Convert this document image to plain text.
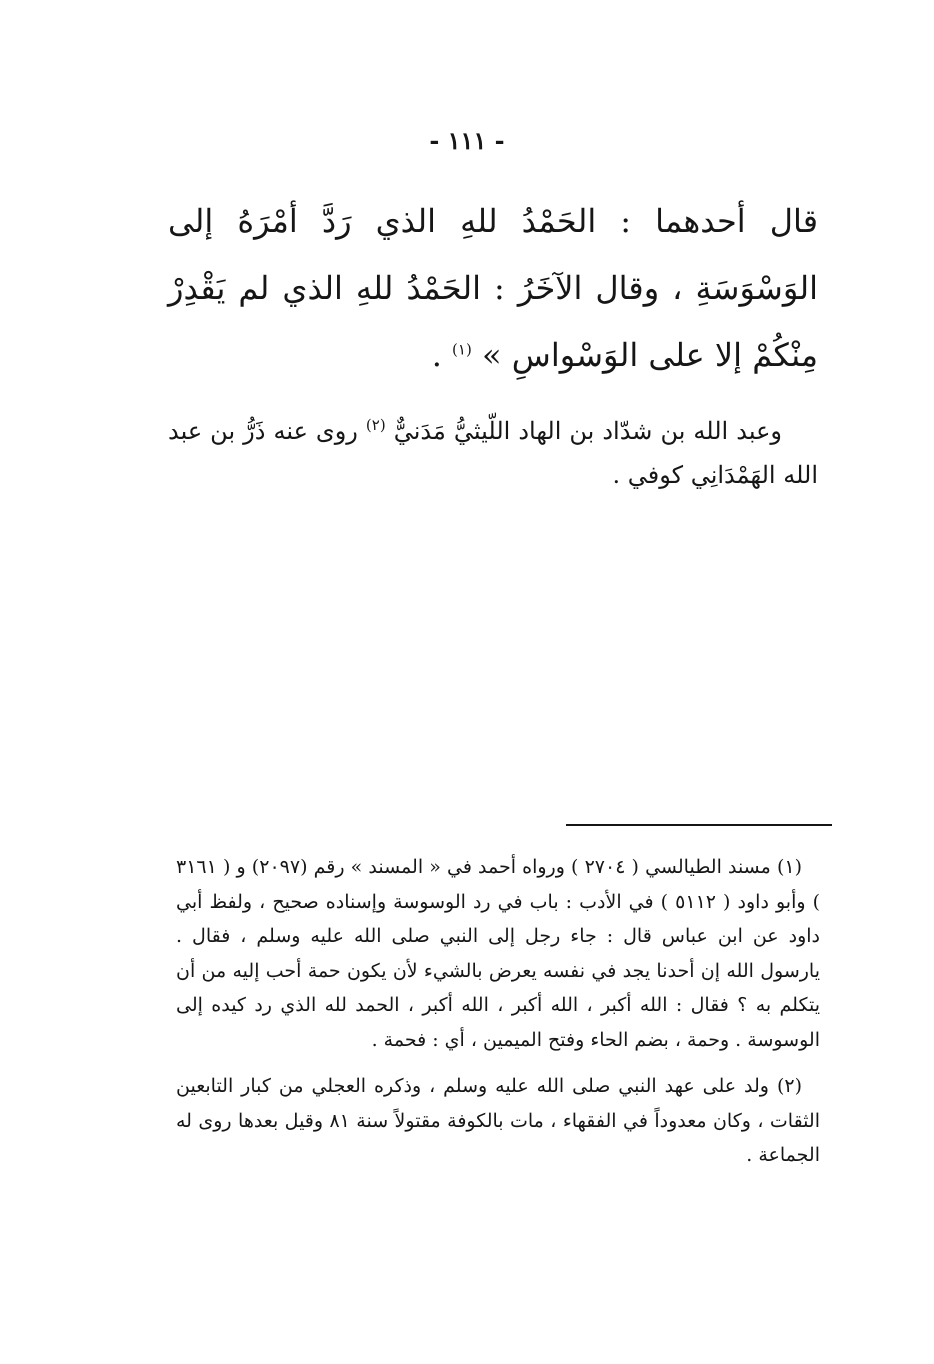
- ١١١ -

قال أحدهما : الحَمْدُ للهِ الذي رَدَّ أمْرَهُ إلى الوَسْوَسَةِ ، وقال الآخَرُ : الحَمْدُ للهِ الذي لم يَقْدِرْ مِنْكُمْ إلا على الوَسْواسِ » $^{(١)}$ .

وعبد الله بن شدّاد بن الهاد اللّيثيُّ مَدَنيٌّ $^{(٢)}$ روى عنه ذَرُّ بن عبد الله الهَمْدَانِي كوفي .

(١) مسند الطيالسي ( ٢٧٠٤ ) ورواه أحمد في « المسند » رقم (٢٠٩٧) و ( ٣١٦١ ) وأبو داود ( ٥١١٢ ) في الأدب : باب في رد الوسوسة وإسناده صحيح ، ولفظ أبي داود عن ابن عباس قال : جاء رجل إلى النبي صلى الله عليه وسلم ، فقال . يارسول الله إن أحدنا يجد في نفسه يعرض بالشيء لأن يكون حمة أحب إليه من أن يتكلم به ؟ فقال : الله أكبر ، الله أكبر ، الله أكبر ، الحمد لله الذي رد كيده إلى الوسوسة . وحمة ، بضم الحاء وفتح الميمين ، أي : فحمة .

(٢) ولد على عهد النبي صلى الله عليه وسلم ، وذكره العجلي من كبار التابعين الثقات ، وكان معدوداً في الفقهاء ، مات بالكوفة مقتولاً سنة ٨١ وقيل بعدها روى له الجماعة .
